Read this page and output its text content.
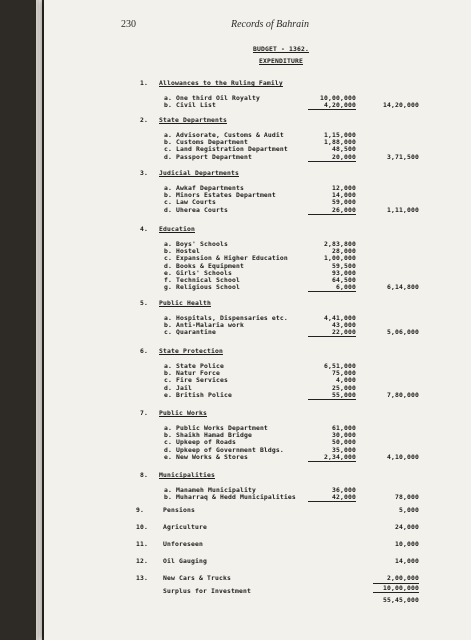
230	Records of Bahrain
BUDGET - 1362.
EXPENDITURE
1. Allowances to the Ruling Family
a. One third Oil Royalty	10,00,000
b. Civil List	4,20,000	14,20,000
2. State Departments
a. Advisorate, Customs & Audit	1,15,000
b. Customs Department	1,88,000
c. Land Registration Department	48,500
d. Passport Department	20,000	3,71,500
3. Judicial Departments
a. Awkaf Departments	12,000
b. Minors Estates Department	14,000
c. Law Courts	59,000
d. Uherea Courts	26,000	1,11,000
4. Education
a. Boys' Schools	2,83,800
b. Hostel	28,000
c. Expansion & Higher Education	1,00,000
d. Books & Equipment	59,500
e. Girls' Schools	93,000
f. Technical School	64,500
g. Religious School	6,000	6,14,800
5. Public Health
a. Hospitals, Dispensaries etc.	4,41,000
b. Anti-Malaria work	43,000
c. Quarantine	22,000	5,06,000
6. State Protection
a. State Police	6,51,000
b. Natur Force	75,000
c. Fire Services	4,000
d. Jail	25,000
e. British Police	55,000	7,80,000
7. Public Works
a. Public Works Department	61,000
b. Shaikh Hamad Bridge	30,000
c. Upkeep of Roads	50,000
d. Upkeep of Government Bldgs.	35,000
e. New Works & Stores	2,34,000	4,10,000
8. Municipalities
a. Manameh Municipality	36,000
b. Muharraq & Hedd Municipalities	42,000	78,000
9.	Pensions	5,000
10. Agriculture	24,000
11. Unforeseen	10,000
12. Oil Gauging	14,000
13. New Cars & Trucks	2,00,000
Surplus for Investment	10,00,000
55,45,000
